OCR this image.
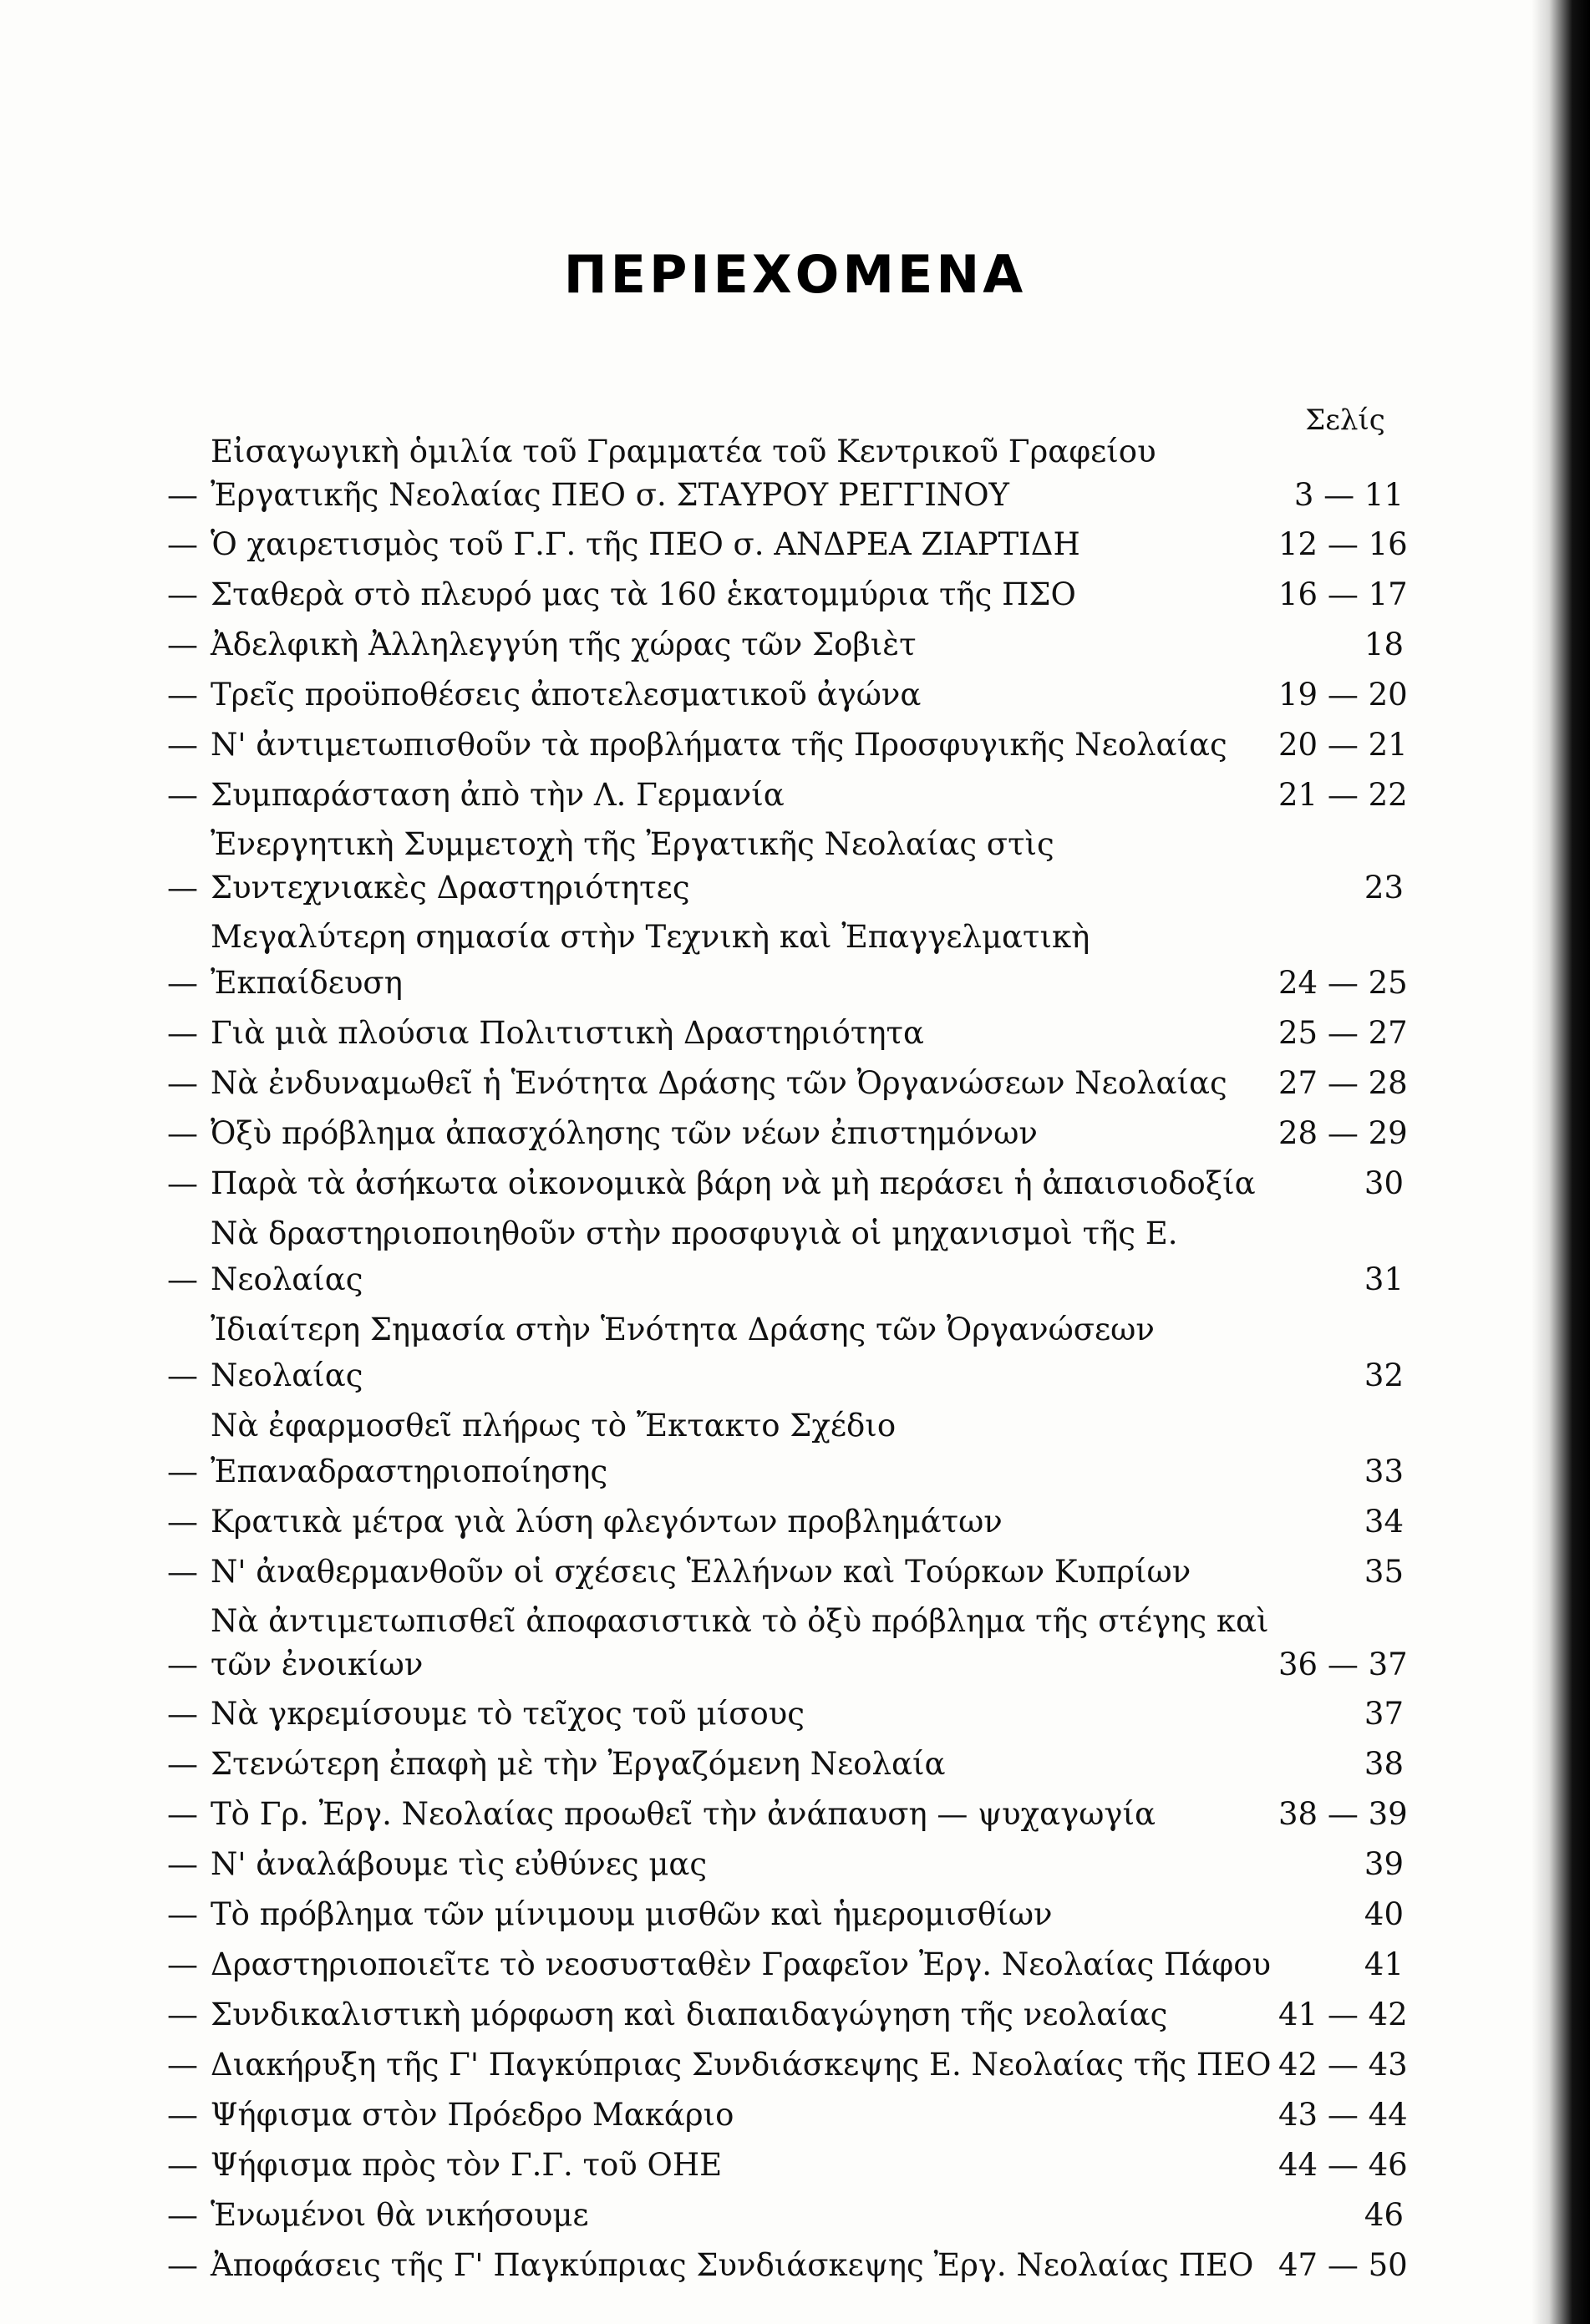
ΠΕΡΙΕΧΟΜΕΝΑ
Σελίς
—
Εἰσαγωγικὴ ὁμιλία τοῦ Γραμματέα τοῦ Κεντρικοῦ Γραφείου Ἐργατικῆς Νεολαίας ΠΕΟ σ. ΣΤΑΥΡΟΥ ΡΕΓΓΙΝΟΥ	3 — 11
— Ὁ χαιρετισμὸς τοῦ Γ.Γ. τῆς ΠΕΟ σ. ΑΝΔΡΕΑ ΖΙΑΡΤΙΔΗ	12 — 16
— Σταθερὰ στὸ πλευρό μας τὰ 160 ἑκατομμύρια τῆς ΠΣΟ	16 — 17
— Ἀδελφικὴ Ἀλληλεγγύη τῆς χώρας τῶν Σοβιὲτ	18
— Τρεῖς προϋποθέσεις ἀποτελεσματικοῦ ἀγώνα	19 — 20
— Ν' ἀντιμετωπισθοῦν τὰ προβλήματα τῆς Προσφυγικῆς Νεολαίας	20 — 21
— Συμπαράσταση ἀπὸ τὴν Λ. Γερμανία	21 — 22
—
Ἐνεργητικὴ Συμμετοχὴ τῆς Ἐργατικῆς Νεολαίας στὶς Συντεχνιακὲς Δραστηριότητες	23
—
Μεγαλύτερη σημασία στὴν Τεχνικὴ καὶ Ἐπαγγελματικὴ Ἐκπαίδευση	24 — 25
— Γιὰ μιὰ πλούσια Πολιτιστικὴ Δραστηριότητα	25 — 27
— Νὰ ἐνδυναμωθεῖ ἡ Ἑνότητα Δράσης τῶν Ὀργανώσεων Νεολαίας	27 — 28
— Ὀξὺ πρόβλημα ἀπασχόλησης τῶν νέων ἐπιστημόνων	28 — 29
— Παρὰ τὰ ἀσήκωτα οἰκονομικὰ βάρη νὰ μὴ περάσει ἡ ἀπαισιοδοξία	30
—
Νὰ δραστηριοποιηθοῦν στὴν προσφυγιὰ οἱ μηχανισμοὶ τῆς Ε. Νεολαίας	31
—
Ἰδιαίτερη Σημασία στὴν Ἑνότητα Δράσης τῶν Ὀργανώσεων Νεολαίας	32
—
Νὰ ἐφαρμοσθεῖ πλήρως τὸ Ἔκτακτο Σχέδιο Ἐπαναδραστηριοποίησης	33
— Κρατικὰ μέτρα γιὰ λύση φλεγόντων προβλημάτων	34
— Ν' ἀναθερμανθοῦν οἱ σχέσεις Ἑλλήνων καὶ Τούρκων Κυπρίων	35
—
Νὰ ἀντιμετωπισθεῖ ἀποφασιστικὰ τὸ ὀξὺ πρόβλημα τῆς στέγης καὶ τῶν ἐνοικίων	36 — 37
— Νὰ γκρεμίσουμε τὸ τεῖχος τοῦ μίσους	37
— Στενώτερη ἐπαφὴ μὲ τὴν Ἐργαζόμενη Νεολαία	38
— Τὸ Γρ. Ἐργ. Νεολαίας προωθεῖ τὴν ἀνάπαυση — ψυχαγωγία	38 — 39
— Ν' ἀναλάβουμε τὶς εὐθύνες μας	39
— Τὸ πρόβλημα τῶν μίνιμουμ μισθῶν καὶ ἡμερομισθίων	40
— Δραστηριοποιεῖτε τὸ νεοσυσταθὲν Γραφεῖον Ἐργ. Νεολαίας Πάφου	41
— Συνδικαλιστικὴ μόρφωση καὶ διαπαιδαγώγηση τῆς νεολαίας	41 — 42
— Διακήρυξη τῆς Γ' Παγκύπριας Συνδιάσκεψης Ε. Νεολαίας τῆς ΠΕΟ 42 — 43
— Ψήφισμα στὸν Πρόεδρο Μακάριο	43 — 44
— Ψήφισμα πρὸς τὸν Γ.Γ. τοῦ ΟΗΕ	44 — 46
— Ἑνωμένοι θὰ νικήσουμε	46
— Ἀποφάσεις τῆς Γ' Παγκύπριας Συνδιάσκεψης Ἐργ. Νεολαίας ΠΕΟ 47 — 50
